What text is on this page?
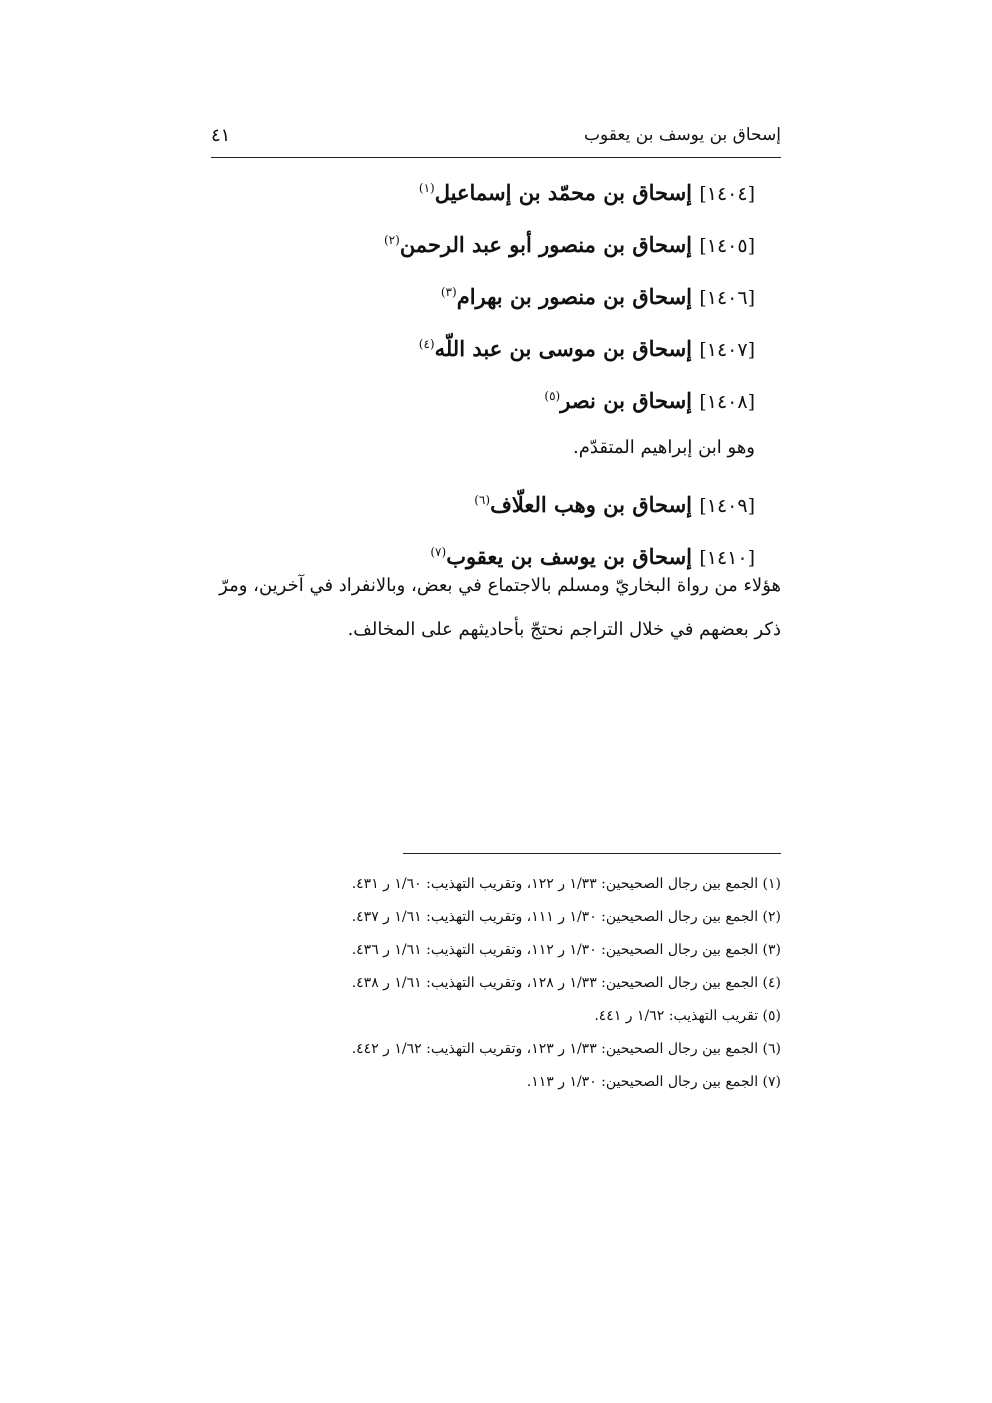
إسحاق بن يوسف بن يعقوب
٤١
[١٤٠٤] إسحاق بن محمّد بن إسماعيل$^{(١)}$
[١٤٠٥] إسحاق بن منصور أبو عبد الرحمن$^{(٢)}$
[١٤٠٦] إسحاق بن منصور بن بهرام$^{(٣)}$
[١٤٠٧] إسحاق بن موسى بن عبد اللّه$^{(٤)}$
[١٤٠٨] إسحاق بن نصر$^{(٥)}$
وهو ابن إبراهيم المتقدّم.
[١٤٠٩] إسحاق بن وهب العلّاف$^{(٦)}$
[١٤١٠] إسحاق بن يوسف بن يعقوب$^{(٧)}$
هؤلاء من رواة البخاريّ ومسلم بالاجتماع في بعض، وبالانفراد في آخرين، ومرّ
ذكر بعضهم في خلال التراجم نحتجّ بأحاديثهم على المخالف.
(١) الجمع بين رجال الصحيحين: ١/٣٣ ر ١٢٢، وتقريب التهذيب: ١/٦٠ ر ٤٣١.
(٢) الجمع بين رجال الصحيحين: ١/٣٠ ر ١١١، وتقريب التهذيب: ١/٦١ ر ٤٣٧.
(٣) الجمع بين رجال الصحيحين: ١/٣٠ ر ١١٢، وتقريب التهذيب: ١/٦١ ر ٤٣٦.
(٤) الجمع بين رجال الصحيحين: ١/٣٣ ر ١٢٨، وتقريب التهذيب: ١/٦١ ر ٤٣٨.
(٥) تقريب التهذيب: ١/٦٢ ر ٤٤١.
(٦) الجمع بين رجال الصحيحين: ١/٣٣ ر ١٢٣، وتقريب التهذيب: ١/٦٢ ر ٤٤٢.
(٧) الجمع بين رجال الصحيحين: ١/٣٠ ر ١١٣.
